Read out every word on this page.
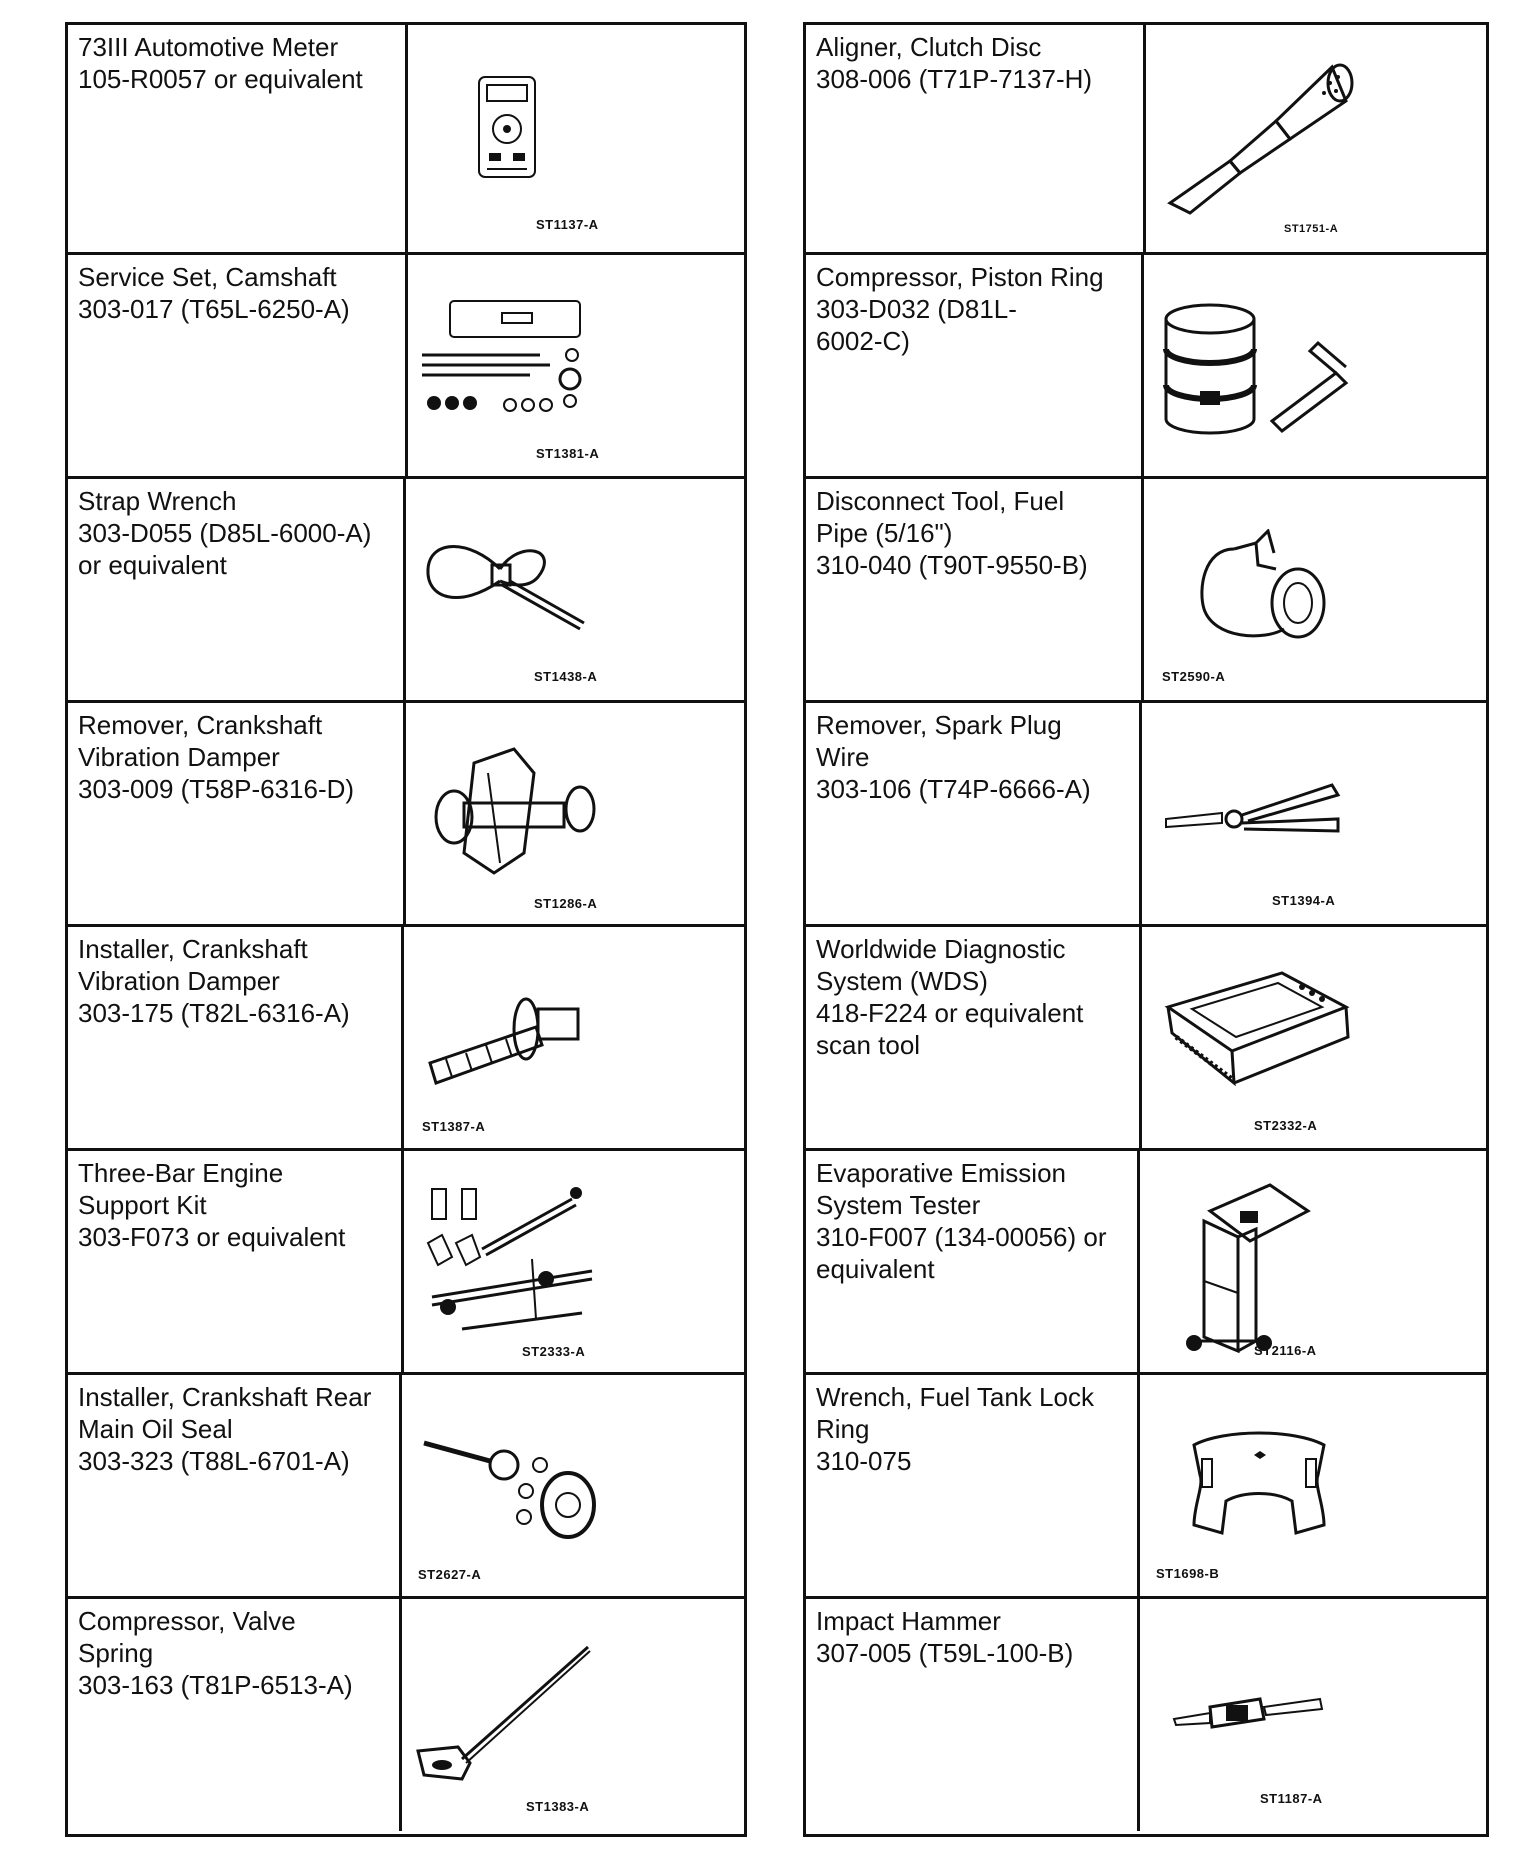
73III Automotive Meter
105-R0057 or equivalent
ST1137-A
Service Set, Camshaft
303-017 (T65L-6250-A)
ST1381-A
Strap Wrench
303-D055 (D85L-6000-A)
or equivalent
ST1438-A
Remover, Crankshaft
Vibration Damper
303-009 (T58P-6316-D)
ST1286-A
Installer, Crankshaft
Vibration Damper
303-175 (T82L-6316-A)
ST1387-A
Three-Bar Engine
Support Kit
303-F073 or equivalent
ST2333-A
Installer, Crankshaft Rear
Main Oil Seal
303-323 (T88L-6701-A)
ST2627-A
Compressor, Valve
Spring
303-163 (T81P-6513-A)
ST1383-A
Aligner, Clutch Disc
308-006 (T71P-7137-H)
ST1751-A
Compressor, Piston Ring
303-D032 (D81L-
6002-C)
Disconnect Tool, Fuel
Pipe (5/16")
310-040 (T90T-9550-B)
ST2590-A
Remover, Spark Plug
Wire
303-106 (T74P-6666-A)
ST1394-A
Worldwide Diagnostic
System (WDS)
418-F224 or equivalent
scan tool
ST2332-A
Evaporative Emission
System Tester
310-F007 (134-00056) or
equivalent
ST2116-A
Wrench, Fuel Tank Lock
Ring
310-075
ST1698-B
Impact Hammer
307-005 (T59L-100-B)
ST1187-A
